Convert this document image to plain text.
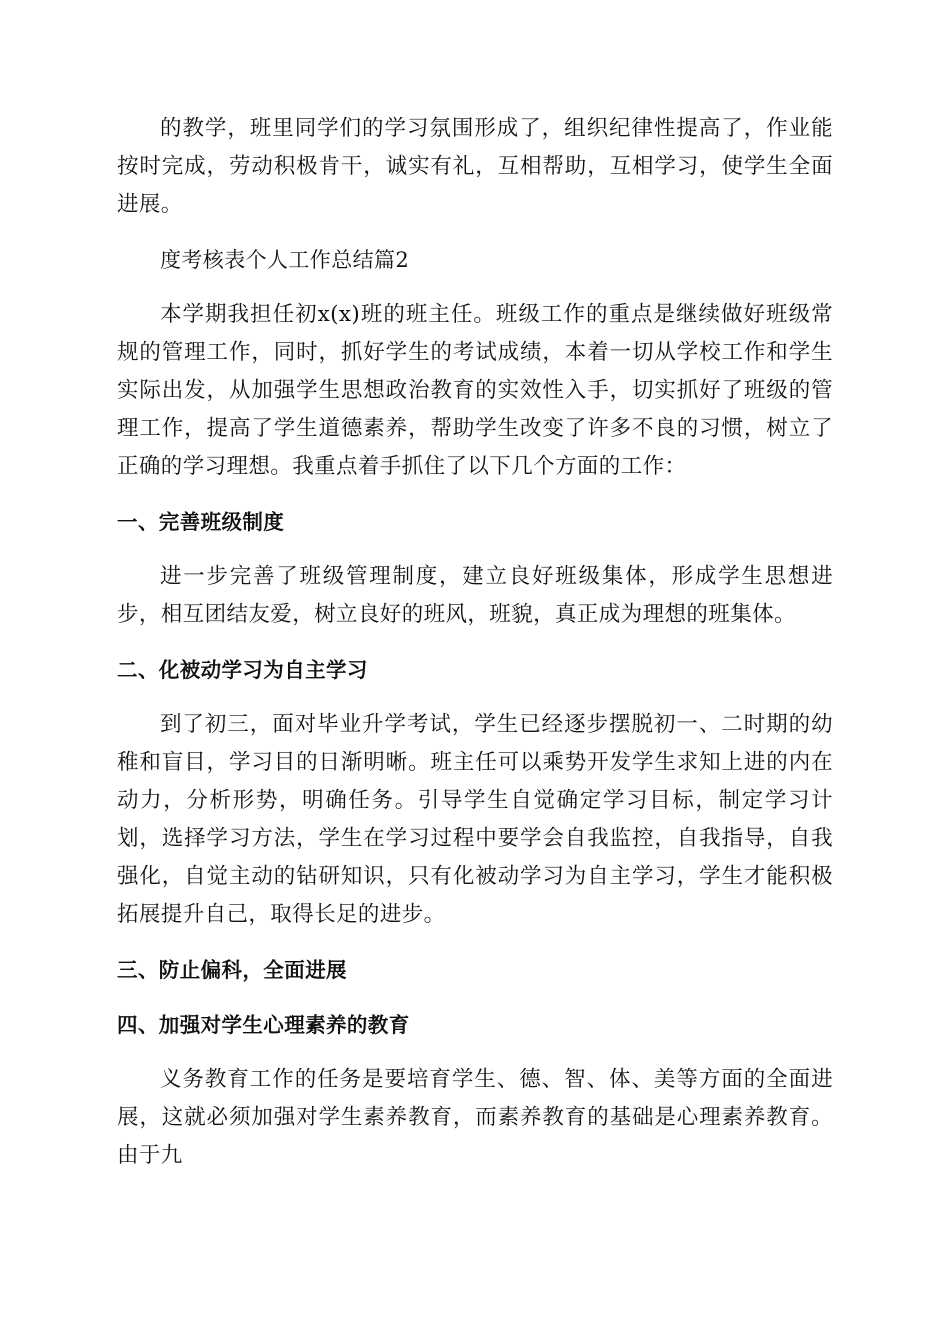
的教学，班里同学们的学习氛围形成了，组织纪律性提高了，作业能按时完成，劳动积极肯干，诚实有礼，互相帮助，互相学习，使学生全面进展。

度考核表个人工作总结篇2

本学期我担任初x(x)班的班主任。班级工作的重点是继续做好班级常规的管理工作，同时，抓好学生的考试成绩，本着一切从学校工作和学生实际出发，从加强学生思想政治教育的实效性入手，切实抓好了班级的管理工作，提高了学生道德素养，帮助学生改变了许多不良的习惯，树立了正确的学习理想。我重点着手抓住了以下几个方面的工作：

一、完善班级制度

进一步完善了班级管理制度，建立良好班级集体，形成学生思想进步，相互团结友爱，树立良好的班风，班貌，真正成为理想的班集体。

二、化被动学习为自主学习

到了初三，面对毕业升学考试，学生已经逐步摆脱初一、二时期的幼稚和盲目，学习目的日渐明晰。班主任可以乘势开发学生求知上进的内在动力，分析形势，明确任务。引导学生自觉确定学习目标，制定学习计划，选择学习方法，学生在学习过程中要学会自我监控，自我指导，自我强化，自觉主动的钻研知识，只有化被动学习为自主学习，学生才能积极拓展提升自己，取得长足的进步。

三、防止偏科，全面进展

四、加强对学生心理素养的教育

义务教育工作的任务是要培育学生、德、智、体、美等方面的全面进展，这就必须加强对学生素养教育，而素养教育的基础是心理素养教育。由于九
